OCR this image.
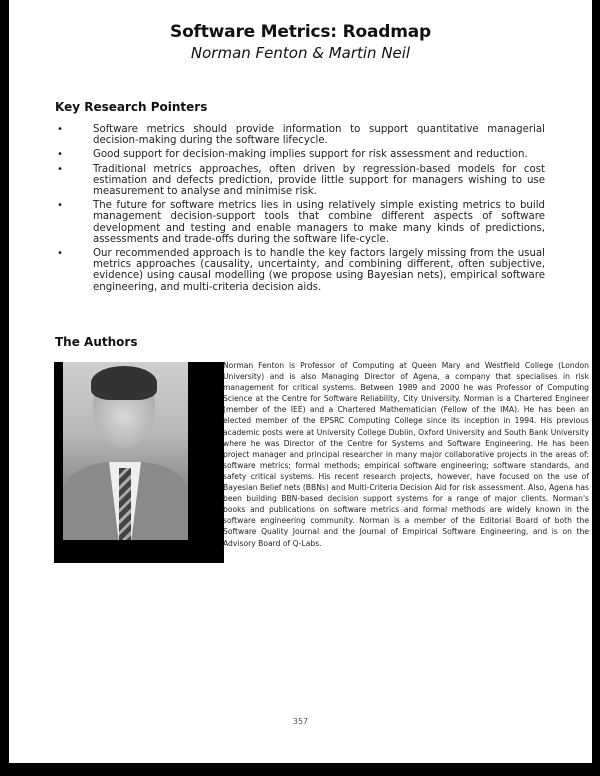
Software Metrics: Roadmap
Norman Fenton & Martin Neil
Key Research Pointers
•	Software metrics should provide information to support quantitative managerial decision-making during the software lifecycle.
•	Good support for decision-making implies support for risk assessment and reduction.
•	Traditional metrics approaches, often driven by regression-based models for cost estimation and defects prediction, provide little support for managers wishing to use measurement to analyse and minimise risk.
•	The future for software metrics lies in using relatively simple existing metrics to build management decision-support tools that combine different aspects of software development and testing and enable managers to make many kinds of predictions, assessments and trade-offs during the software life-cycle.
•	Our recommended approach is to handle the key factors largely missing from the usual metrics approaches (causality, uncertainty, and combining different, often subjective, evidence) using causal modelling (we propose using Bayesian nets), empirical software engineering, and multi-criteria decision aids.
The Authors
Norman Fenton is Professor of Computing at Queen Mary and Westfield College (London University) and is also Managing Director of Agena, a company that specialises in risk management for critical systems. Between 1989 and 2000 he was Professor of Computing Science at the Centre for Software Reliability, City University. Norman is a Chartered Engineer (member of the IEE) and a Chartered Mathematician (Fellow of the IMA). He has been an elected member of the EPSRC Computing College since its inception in 1994. His previous academic posts were at University College Dublin, Oxford University and South Bank University where he was Director of the Centre for Systems and Software Engineering. He has been project manager and principal researcher in many major collaborative projects in the areas of: software metrics; formal methods; empirical software engineering; software standards, and safety critical systems. His recent research projects, however, have focused on the use of Bayesian Belief nets (BBNs) and Multi-Criteria Decision Aid for risk assessment. Also, Agena has been building BBN-based decision support systems for a range of major clients. Norman's books and publications on software metrics and formal methods are widely known in the software engineering community. Norman is a member of the Editorial Board of both the Software Quality Journal and the Journal of Empirical Software Engineering, and is on the Advisory Board of Q-Labs.
357
